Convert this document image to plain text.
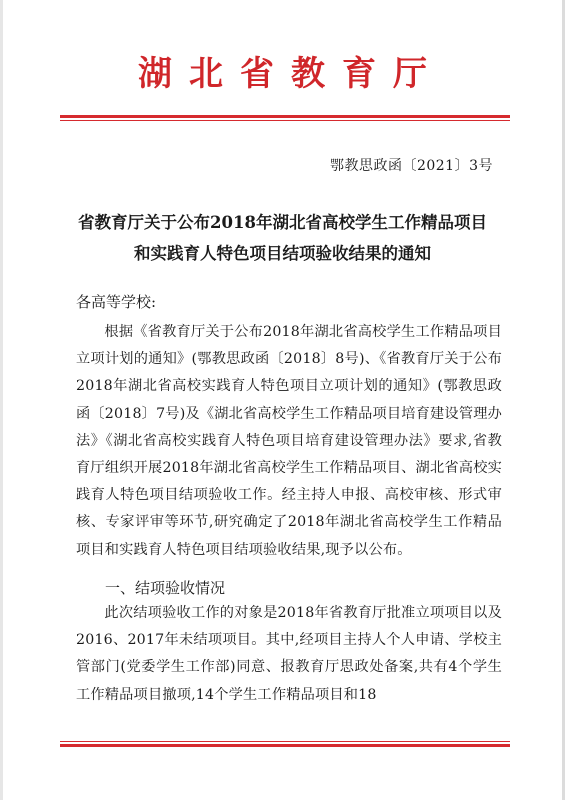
湖北省教育厅
鄂教思政函〔2021〕3号
省教育厅关于公布2018年湖北省高校学生工作精品项目
和实践育人特色项目结项验收结果的通知
各高等学校:
根据《省教育厅关于公布2018年湖北省高校学生工作精品项目立项计划的通知》(鄂教思政函〔2018〕8号)、《省教育厅关于公布2018年湖北省高校实践育人特色项目立项计划的通知》(鄂教思政函〔2018〕7号)及《湖北省高校学生工作精品项目培育建设管理办法》《湖北省高校实践育人特色项目培育建设管理办法》要求,省教育厅组织开展2018年湖北省高校学生工作精品项目、湖北省高校实践育人特色项目结项验收工作。经主持人申报、高校审核、形式审核、专家评审等环节,研究确定了2018年湖北省高校学生工作精品项目和实践育人特色项目结项验收结果,现予以公布。
一、结项验收情况
此次结项验收工作的对象是2018年省教育厅批准立项项目以及2016、2017年未结项项目。其中,经项目主持人个人申请、学校主管部门(党委学生工作部)同意、报教育厅思政处备案,共有4个学生工作精品项目撤项,14个学生工作精品项目和18
